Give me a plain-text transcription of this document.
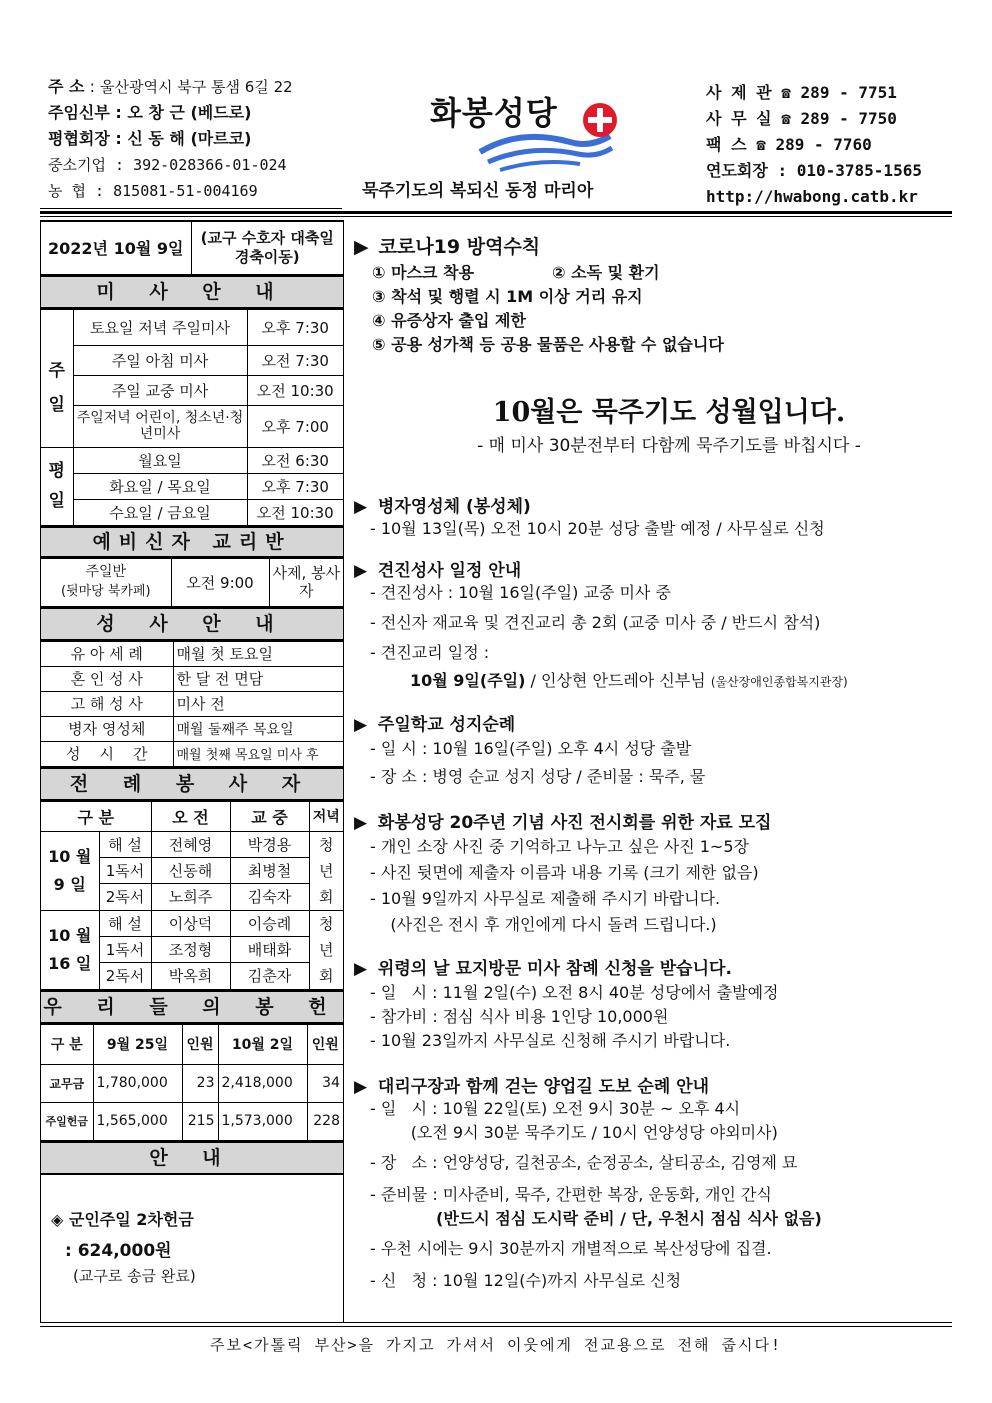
주 소 : 울산광역시 북구 통샘 6길 22
주임신부 : 오 창 근 (베드로)
평협회장 : 신 동 해 (마르코)
중소기업 : 392-028366-01-024
농 협 : 815081-51-004169
화봉성당
묵주기도의 복되신 동정 마리아
사 제 관 ☎ 289 - 7751
사 무 실 ☎ 289 - 7750
팩 스 ☎ 289 - 7760
연도회장 : 010-3785-1565
http://hwabong.catb.kr
2022년 10월 9일	(교구 수호자 대축일 경축이동)
미 사 안 내
주일	토요일 저녁 주일미사	오후 7:30
	주일 아침 미사	오전 7:30
	주일 교중 미사	오전 10:30
	주일저녁 어린이, 청소년·청년미사	오후 7:00
평일	월요일	오전 6:30
	화요일 / 목요일	오후 7:30
	수요일 / 금요일	오전 10:30
예비신자 교리반
주일반
(뒷마당 북카페)	오전 9:00	사제, 봉사자
성 사 안 내
유 아 세 례	매월 첫 토요일
혼 인 성 사	한 달 전 면담
고 해 성 사	미사 전
병자 영성체	매월 둘째주 목요일
성    시    간	매월 첫째 목요일 미사 후
전 례 봉 사 자
구 분		오 전	교 중	저녁
10 월 9 일	해 설	전혜영	박경용	청년회
	1독서	신동해	최병철	
	2독서	노희주	김숙자	
10 월 16 일	해 설	이상덕	이승례	청년회
	1독서	조정형	배태화	
	2독서	박옥희	김춘자	
우 리 들 의 봉 헌
구 분	9월 25일	인원	10월 2일	인원
교무금	1,780,000	23	2,418,000	34
주일헌금	1,565,000	215	1,573,000	228
안 내
◈ 군인주일 2차헌금
: 624,000원
(교구로 송금 완료)
▶ 코로나19 방역수칙
① 마스크 착용	② 소독 및 환기
③ 착석 및 행렬 시 1M 이상 거리 유지
④ 유증상자 출입 제한
⑤ 공용 성가책 등 공용 물품은 사용할 수 없습니다
10월은 묵주기도 성월입니다.
- 매 미사 30분전부터 다함께 묵주기도를 바칩시다 -
▶ 병자영성체 (봉성체)
- 10월 13일(목) 오전 10시 20분 성당 출발 예정 / 사무실로 신청
▶ 견진성사 일정 안내
- 견진성사 : 10월 16일(주일) 교중 미사 중
- 전신자 재교육 및 견진교리 총 2회 (교중 미사 중 / 반드시 참석)
- 견진교리 일정 :
10월 9일(주일) / 인상현 안드레아 신부님 (울산장애인종합복지관장)
▶ 주일학교 성지순례
- 일 시 : 10월 16일(주일) 오후 4시 성당 출발
- 장 소 : 병영 순교 성지 성당 / 준비물 : 묵주, 물
▶ 화봉성당 20주년 기념 사진 전시회를 위한 자료 모집
- 개인 소장 사진 중 기억하고 나누고 싶은 사진 1~5장
- 사진 뒷면에 제출자 이름과 내용 기록 (크기 제한 없음)
- 10월 9일까지 사무실로 제출해 주시기 바랍니다.
(사진은 전시 후 개인에게 다시 돌려 드립니다.)
▶ 위령의 날 묘지방문 미사 참례 신청을 받습니다.
- 일   시 : 11월 2일(수) 오전 8시 40분 성당에서 출발예정
- 참가비 : 점심 식사 비용 1인당 10,000원
- 10월 23일까지 사무실로 신청해 주시기 바랍니다.
▶ 대리구장과 함께 걷는 양업길 도보 순례 안내
- 일   시 : 10월 22일(토) 오전 9시 30분 ~ 오후 4시
(오전 9시 30분 묵주기도 / 10시 언양성당 야외미사)
- 장   소 : 언양성당, 길천공소, 순정공소, 살티공소, 김영제 묘
- 준비물 : 미사준비, 묵주, 간편한 복장, 운동화, 개인 간식
(반드시 점심 도시락 준비 / 단, 우천시 점심 식사 없음)
- 우천 시에는 9시 30분까지 개별적으로 복산성당에 집결.
- 신   청 : 10월 12일(수)까지 사무실로 신청
주보<가톨릭 부산>을 가지고 가셔서 이웃에게 전교용으로 전해 줍시다!
